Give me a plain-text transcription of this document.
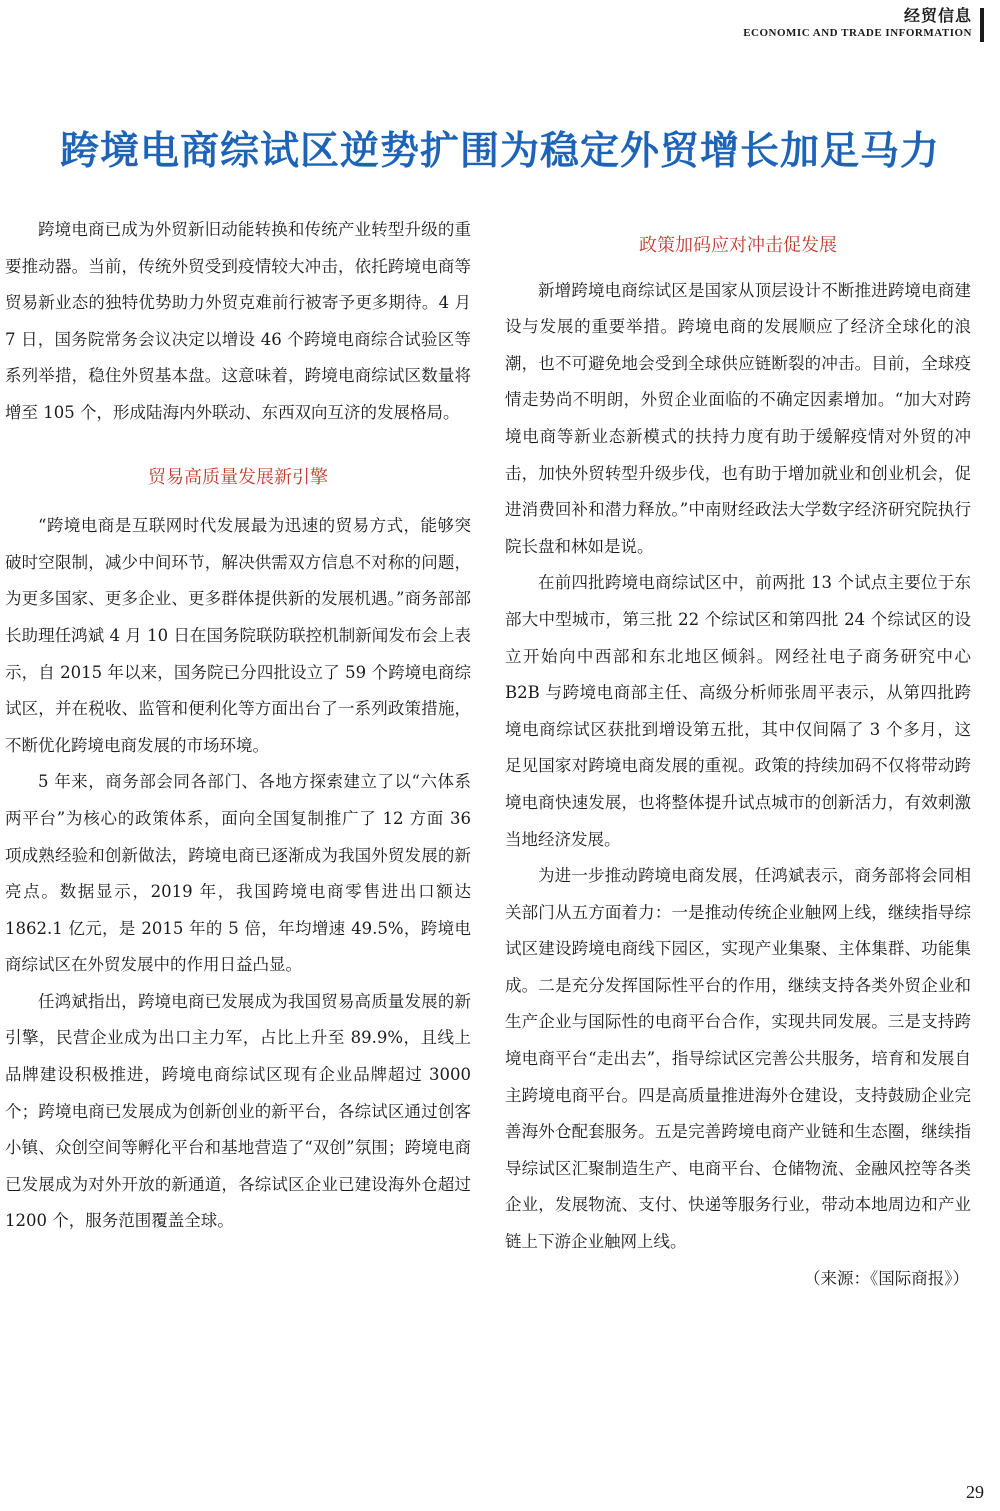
经贸信息
ECONOMIC AND TRADE INFORMATION
跨境电商综试区逆势扩围为稳定外贸增长加足马力

跨境电商已成为外贸新旧动能转换和传统产业转型升级的重要推动器。当前，传统外贸受到疫情较大冲击，依托跨境电商等贸易新业态的独特优势助力外贸克难前行被寄予更多期待。4 月 7 日，国务院常务会议决定以增设 46 个跨境电商综合试验区等系列举措，稳住外贸基本盘。这意味着，跨境电商综试区数量将增至 105 个，形成陆海内外联动、东西双向互济的发展格局。

贸易高质量发展新引擎

“跨境电商是互联网时代发展最为迅速的贸易方式，能够突破时空限制，减少中间环节，解决供需双方信息不对称的问题，为更多国家、更多企业、更多群体提供新的发展机遇。”商务部部长助理任鸿斌 4 月 10 日在国务院联防联控机制新闻发布会上表示，自 2015 年以来，国务院已分四批设立了 59 个跨境电商综试区，并在税收、监管和便利化等方面出台了一系列政策措施，不断优化跨境电商发展的市场环境。

5 年来，商务部会同各部门、各地方探索建立了以“六体系两平台”为核心的政策体系，面向全国复制推广了 12 方面 36 项成熟经验和创新做法，跨境电商已逐渐成为我国外贸发展的新亮点。数据显示，2019 年，我国跨境电商零售进出口额达 1862.1 亿元，是 2015 年的 5 倍，年均增速 49.5%，跨境电商综试区在外贸发展中的作用日益凸显。

任鸿斌指出，跨境电商已发展成为我国贸易高质量发展的新引擎，民营企业成为出口主力军，占比上升至 89.9%，且线上品牌建设积极推进，跨境电商综试区现有企业品牌超过 3000 个；跨境电商已发展成为创新创业的新平台，各综试区通过创客小镇、众创空间等孵化平台和基地营造了“双创”氛围；跨境电商已发展成为对外开放的新通道，各综试区企业已建设海外仓超过 1200 个，服务范围覆盖全球。

政策加码应对冲击促发展

新增跨境电商综试区是国家从顶层设计不断推进跨境电商建设与发展的重要举措。跨境电商的发展顺应了经济全球化的浪潮，也不可避免地会受到全球供应链断裂的冲击。目前，全球疫情走势尚不明朗，外贸企业面临的不确定因素增加。“加大对跨境电商等新业态新模式的扶持力度有助于缓解疫情对外贸的冲击，加快外贸转型升级步伐，也有助于增加就业和创业机会，促进消费回补和潜力释放。”中南财经政法大学数字经济研究院执行院长盘和林如是说。

在前四批跨境电商综试区中，前两批 13 个试点主要位于东部大中型城市，第三批 22 个综试区和第四批 24 个综试区的设立开始向中西部和东北地区倾斜。网经社电子商务研究中心 B2B 与跨境电商部主任、高级分析师张周平表示，从第四批跨境电商综试区获批到增设第五批，其中仅间隔了 3 个多月，这足见国家对跨境电商发展的重视。政策的持续加码不仅将带动跨境电商快速发展，也将整体提升试点城市的创新活力，有效刺激当地经济发展。

为进一步推动跨境电商发展，任鸿斌表示，商务部将会同相关部门从五方面着力：一是推动传统企业触网上线，继续指导综试区建设跨境电商线下园区，实现产业集聚、主体集群、功能集成。二是充分发挥国际性平台的作用，继续支持各类外贸企业和生产企业与国际性的电商平台合作，实现共同发展。三是支持跨境电商平台“走出去”，指导综试区完善公共服务，培育和发展自主跨境电商平台。四是高质量推进海外仓建设，支持鼓励企业完善海外仓配套服务。五是完善跨境电商产业链和生态圈，继续指导综试区汇聚制造生产、电商平台、仓储物流、金融风控等各类企业，发展物流、支付、快递等服务行业，带动本地周边和产业链上下游企业触网上线。

（来源：《国际商报》）

29
